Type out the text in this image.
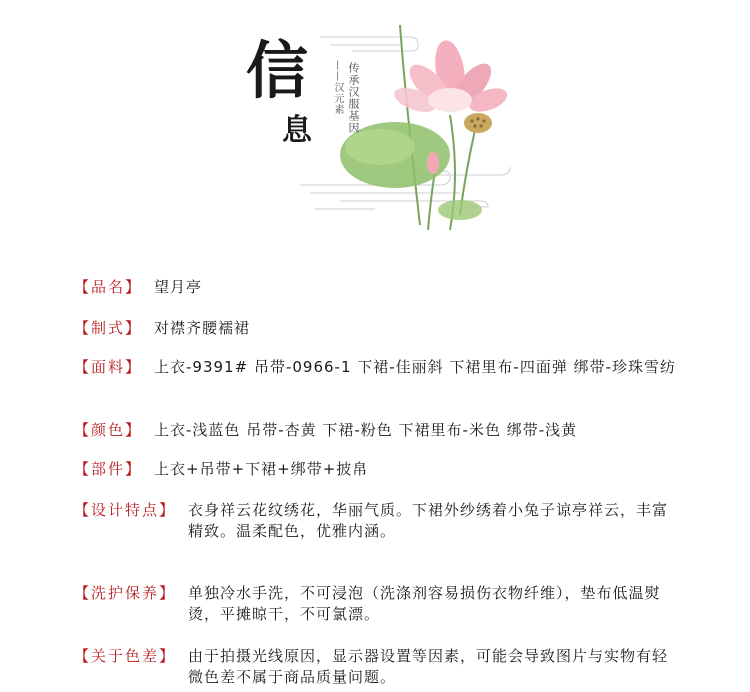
信
息	传承汉服基因
——汉元素
【品名】 望月亭
【制式】 对襟齐腰襦裙
【面料】 上衣-9391# 吊带-0966-1 下裙-佳丽斜 下裙里布-四面弹 绑带-珍珠雪纺
【颜色】 上衣-浅蓝色 吊带-杏黄 下裙-粉色 下裙里布-米色 绑带-浅黄
【部件】 上衣+吊带+下裙+绑带+披帛
【设计特点】 衣身祥云花纹绣花，华丽气质。下裙外纱绣着小兔子谅亭祥云，丰富精致。温柔配色，优雅内涵。
【洗护保养】 单独冷水手洗，不可浸泡（洗涤剂容易损伤衣物纤维），垫布低温熨烫，平摊晾干，不可氯漂。
【关于色差】 由于拍摄光线原因，显示器设置等因素，可能会导致图片与实物有轻微色差不属于商品质量问题。
